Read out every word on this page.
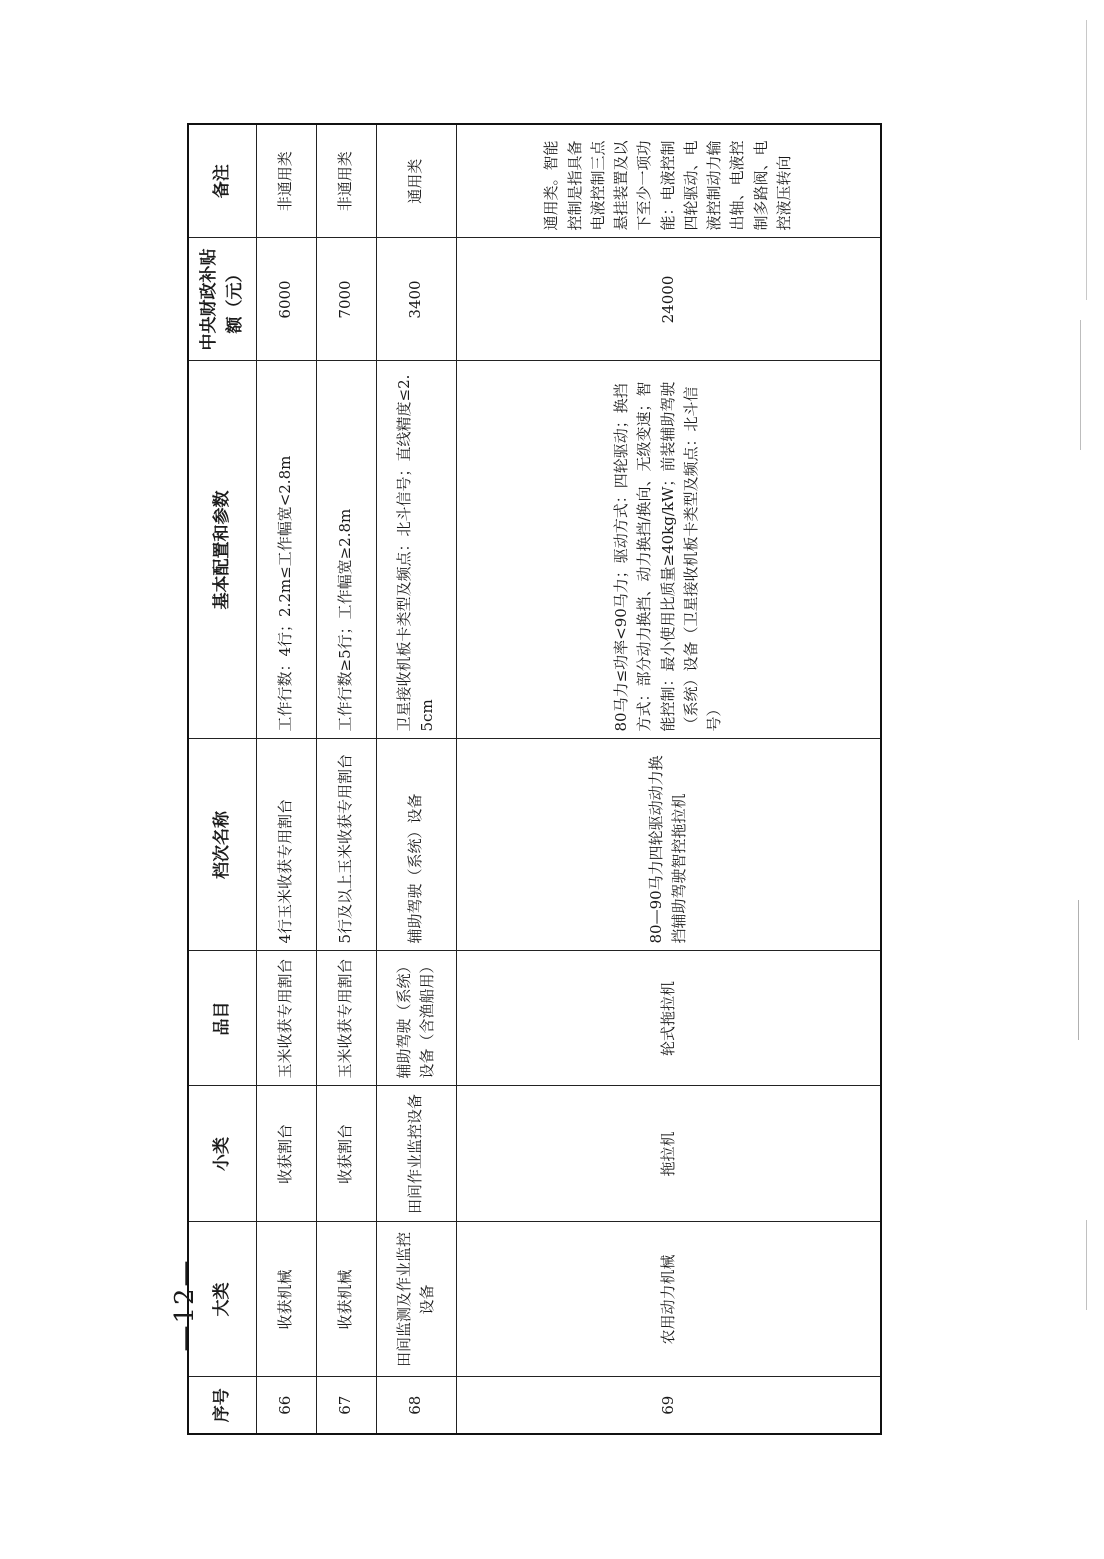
序号	大类	小类	品目	档次名称	基本配置和参数	中央财政补贴额（元）	备注
66	收获机械	收获割台	玉米收获专用割台	4行玉米收获专用割台	工作行数：4行；2.2m≤工作幅宽<2.8m	6000	非通用类
67	收获机械	收获割台	玉米收获专用割台	5行及以上玉米收获专用割台	工作行数≥5行；工作幅宽≥2.8m	7000	非通用类
68	田间监测及作业监控设备	田间作业监控设备	辅助驾驶（系统）设备（含渔船用）	辅助驾驶（系统）设备	卫星接收机板卡类型及频点：北斗信号；直线精度≤2.5cm	3400	通用类
69	农用动力机械	拖拉机	轮式拖拉机	80—90马力四轮驱动动力换挡辅助驾驶智控拖拉机	80马力≤功率<90马力；驱动方式：四轮驱动；换挡方式：部分动力换挡、动力换挡/换向、无级变速；智能控制：最小使用比质量≥40kg/kW；前装辅助驾驶（系统）设备（卫星接收机板卡类型及频点：北斗信号）	24000	通用类。智能控制是指具备电液控制三点悬挂装置及以下至少一项功能：电液控制四轮驱动、电液控制动力输出轴、电液控制多路阀、电控液压转向
—12—
